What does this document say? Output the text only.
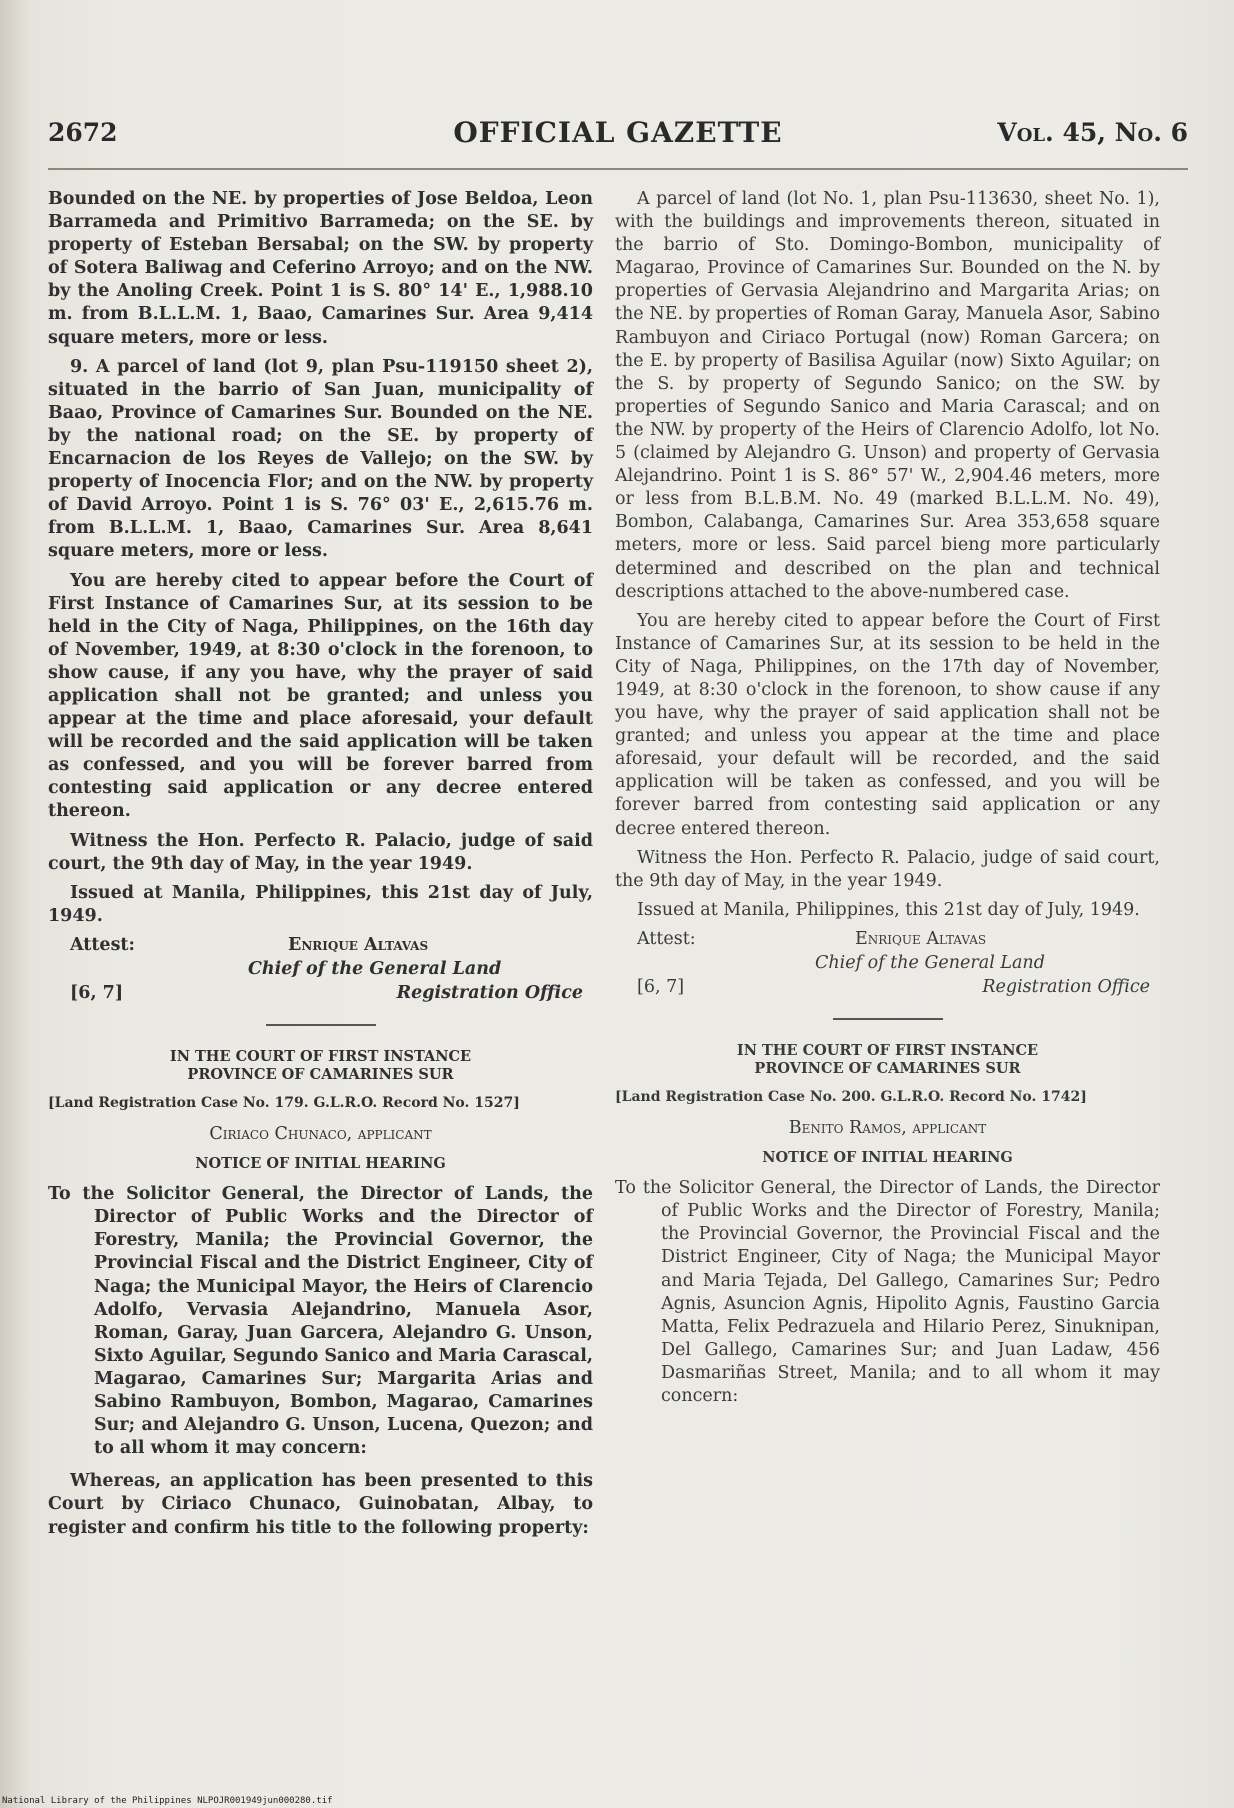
2672	OFFICIAL GAZETTE	Vol. 45, No. 6

Bounded on the NE. by properties of Jose Beldoa, Leon Barrameda and Primitivo Barrameda; on the SE. by property of Esteban Bersabal; on the SW. by property of Sotera Baliwag and Ceferino Arroyo; and on the NW. by the Anoling Creek. Point 1 is S. 80° 14' E., 1,988.10 m. from B.L.L.M. 1, Baao, Camarines Sur. Area 9,414 square meters, more or less.

9. A parcel of land (lot 9, plan Psu-119150 sheet 2), situated in the barrio of San Juan, municipality of Baao, Province of Camarines Sur. Bounded on the NE. by the national road; on the SE. by property of Encarnacion de los Reyes de Vallejo; on the SW. by property of Inocencia Flor; and on the NW. by property of David Arroyo. Point 1 is S. 76° 03' E., 2,615.76 m. from B.L.L.M. 1, Baao, Camarines Sur. Area 8,641 square meters, more or less.

You are hereby cited to appear before the Court of First Instance of Camarines Sur, at its session to be held in the City of Naga, Philippines, on the 16th day of November, 1949, at 8:30 o'clock in the forenoon, to show cause, if any you have, why the prayer of said application shall not be granted; and unless you appear at the time and place aforesaid, your default will be recorded and the said application will be taken as confessed, and you will be forever barred from contesting said application or any decree entered thereon.

Witness the Hon. Perfecto R. Palacio, judge of said court, the 9th day of May, in the year 1949.

Issued at Manila, Philippines, this 21st day of July, 1949.

Attest:	Enrique Altavas
Chief of the General Land
[6, 7]	Registration Office
IN THE COURT OF FIRST INSTANCE
PROVINCE OF CAMARINES SUR

[Land Registration Case No. 179. G.L.R.O. Record No. 1527]

Ciriaco Chunaco, applicant

NOTICE OF INITIAL HEARING

To the Solicitor General, the Director of Lands, the Director of Public Works and the Director of Forestry, Manila; the Provincial Governor, the Provincial Fiscal and the District Engineer, City of Naga; the Municipal Mayor, the Heirs of Clarencio Adolfo, Vervasia Alejandrino, Manuela Asor, Roman, Garay, Juan Garcera, Alejandro G. Unson, Sixto Aguilar, Segundo Sanico and Maria Carascal, Magarao, Camarines Sur; Margarita Arias and Sabino Rambuyon, Bombon, Magarao, Camarines Sur; and Alejandro G. Unson, Lucena, Quezon; and to all whom it may concern:

Whereas, an application has been presented to this Court by Ciriaco Chunaco, Guinobatan, Albay, to register and confirm his title to the following property:

A parcel of land (lot No. 1, plan Psu-113630, sheet No. 1), with the buildings and improvements thereon, situated in the barrio of Sto. Domingo-Bombon, municipality of Magarao, Province of Camarines Sur. Bounded on the N. by properties of Gervasia Alejandrino and Margarita Arias; on the NE. by properties of Roman Garay, Manuela Asor, Sabino Rambuyon and Ciriaco Portugal (now) Roman Garcera; on the E. by property of Basilisa Aguilar (now) Sixto Aguilar; on the S. by property of Segundo Sanico; on the SW. by properties of Segundo Sanico and Maria Carascal; and on the NW. by property of the Heirs of Clarencio Adolfo, lot No. 5 (claimed by Alejandro G. Unson) and property of Gervasia Alejandrino. Point 1 is S. 86° 57' W., 2,904.46 meters, more or less from B.L.B.M. No. 49 (marked B.L.L.M. No. 49), Bombon, Calabanga, Camarines Sur. Area 353,658 square meters, more or less. Said parcel bieng more particularly determined and described on the plan and technical descriptions attached to the above-numbered case.

You are hereby cited to appear before the Court of First Instance of Camarines Sur, at its session to be held in the City of Naga, Philippines, on the 17th day of November, 1949, at 8:30 o'clock in the forenoon, to show cause if any you have, why the prayer of said application shall not be granted; and unless you appear at the time and place aforesaid, your default will be recorded, and the said application will be taken as confessed, and you will be forever barred from contesting said application or any decree entered thereon.

Witness the Hon. Perfecto R. Palacio, judge of said court, the 9th day of May, in the year 1949.

Issued at Manila, Philippines, this 21st day of July, 1949.

Attest:	Enrique Altavas
Chief of the General Land
[6, 7]	Registration Office
IN THE COURT OF FIRST INSTANCE
PROVINCE OF CAMARINES SUR

[Land Registration Case No. 200. G.L.R.O. Record No. 1742]

Benito Ramos, applicant

NOTICE OF INITIAL HEARING

To the Solicitor General, the Director of Lands, the Director of Public Works and the Director of Forestry, Manila; the Provincial Governor, the Provincial Fiscal and the District Engineer, City of Naga; the Municipal Mayor and Maria Tejada, Del Gallego, Camarines Sur; Pedro Agnis, Asuncion Agnis, Hipolito Agnis, Faustino Garcia Matta, Felix Pedrazuela and Hilario Perez, Sinuknipan, Del Gallego, Camarines Sur; and Juan Ladaw, 456 Dasmariñas Street, Manila; and to all whom it may concern:

National Library of the Philippines NLPOJR001949jun000280.tif
